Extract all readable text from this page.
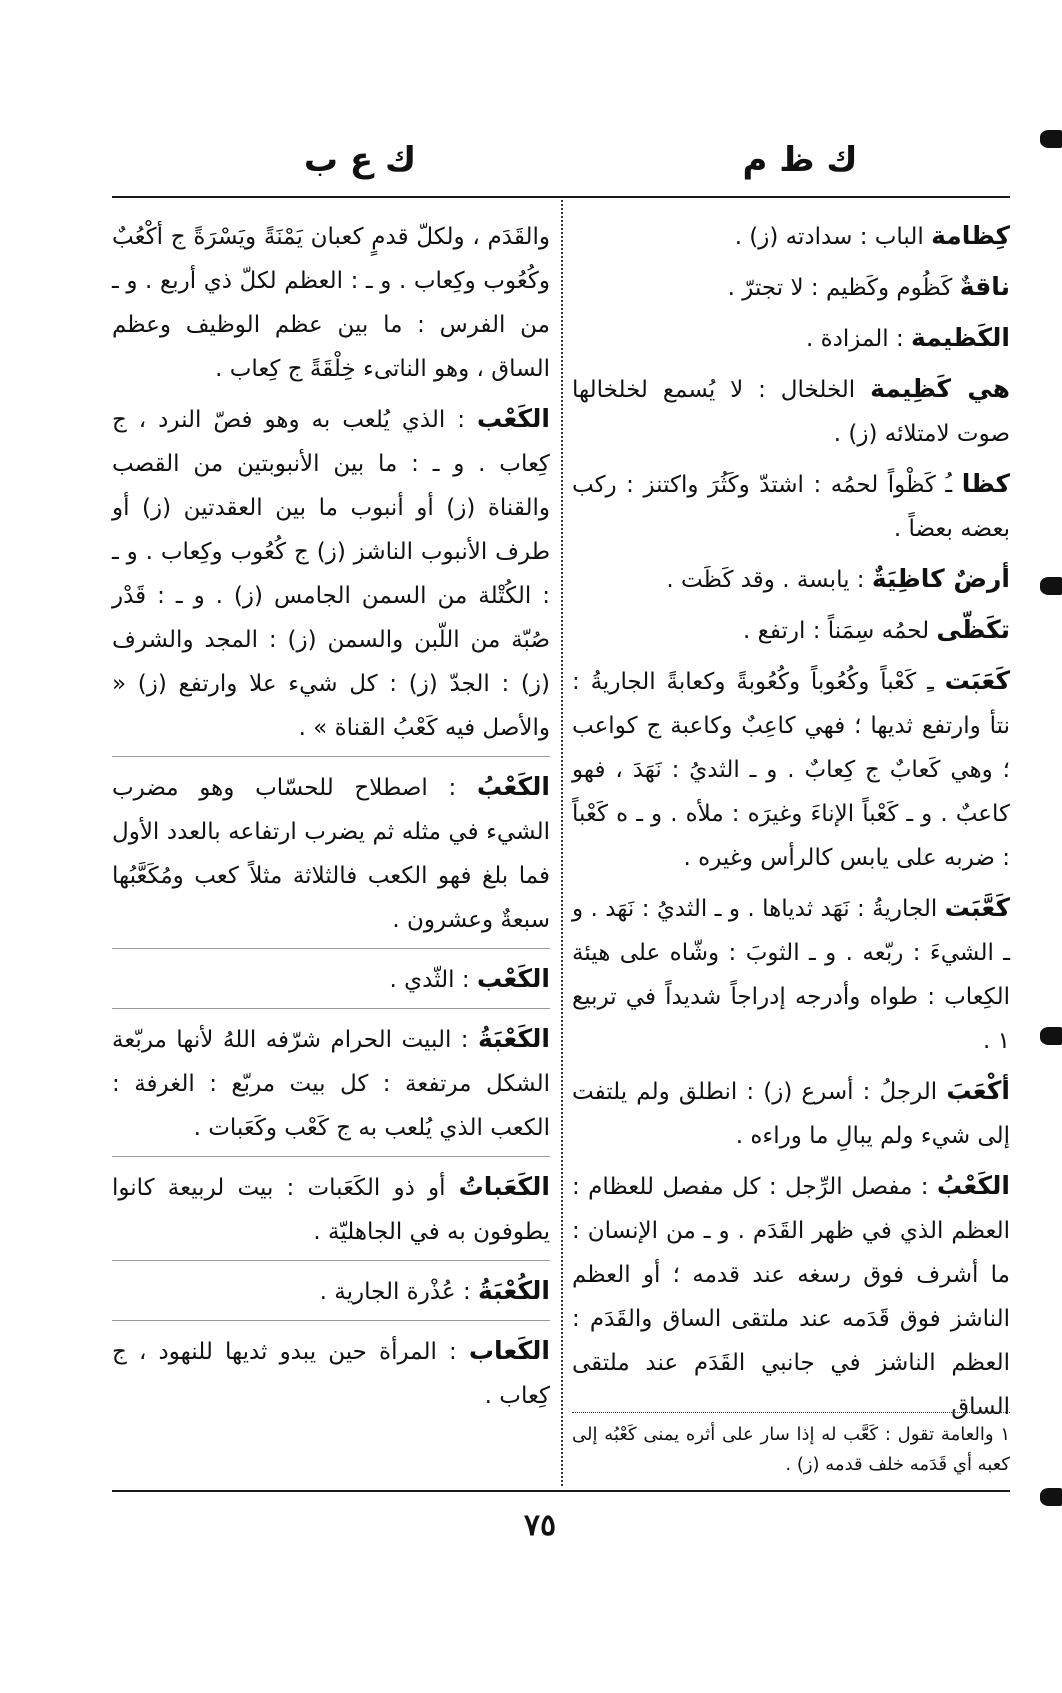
ك ظ م
ك ع ب

كِظامة الباب : سدادته (ز) .

ناقةٌ كَظُوم وكَظيم : لا تجترّ .

الكَظيمة : المزادة .

هي كَظِيمة الخلخال : لا يُسمع لخلخالها صوت لامتلائه (ز) .

كظا ـُ كَظْواً لحمُه : اشتدّ وكَثُرَ واكتنز : ركب بعضه بعضاً .

أرضٌ كاظِيَةٌ : يابسة . وقد كَظَت .

تكَظّى لحمُه سِمَناً : ارتفع .

كَعَبَت ـِ كَعْباً وكُعُوباً وكُعُوبةً وكعابةً الجاريةُ : نتأ وارتفع ثديها ؛ فهي كاعِبٌ وكاعبة ج كواعب ؛ وهي كَعابٌ ج كِعابٌ . و ـ الثديُ : نَهَدَ ، فهو كاعبٌ . و ـ كَعْباً الإناءَ وغيرَه : ملأه . و ـ ه كَعْباً : ضربه على يابس كالرأس وغيره .

كَعَّبَت الجاريةُ : نَهَد ثدياها . و ـ الثديُ : نَهَد . و ـ الشيءَ : ربّعه . و ـ الثوبَ : وشّاه على هيئة الكِعاب : طواه وأدرجه إدراجاً شديداً في تربيع ١ .

أكْعَبَ الرجلُ : أسرع (ز) : انطلق ولم يلتفت إلى شيء ولم يبالِ ما وراءه .

الكَعْبُ : مفصل الرِّجل : كل مفصل للعظام : العظم الذي في ظهر القَدَم . و ـ من الإنسان : ما أشرف فوق رسغه عند قدمه ؛ أو العظم الناشز فوق قَدَمه عند ملتقى الساق والقَدَم : العظم الناشز في جانبي القَدَم عند ملتقى الساق

والقَدَم ، ولكلّ قدمٍ كعبان يَمْنَةً ويَسْرَةً ج أكْعُبٌ وكُعُوب وكِعاب . و ـ : العظم لكلّ ذي أربع . و ـ من الفرس : ما بين عظم الوظيف وعظم الساق ، وهو الناتىء خِلْقَةً ج كِعاب .

الكَعْب : الذي يُلعب به وهو فصّ النرد ، ج كِعاب . و ـ : ما بين الأنبوبتين من القصب والقناة (ز) أو أنبوب ما بين العقدتين (ز) أو طرف الأنبوب الناشز (ز) ج كُعُوب وكِعاب . و ـ : الكُتْلة من السمن الجامس (ز) . و ـ : قَدْر صُبّة من اللّبن والسمن (ز) : المجد والشرف (ز) : الجدّ (ز) : كل شيء علا وارتفع (ز) « والأصل فيه كَعْبُ القناة » .

الكَعْبُ : اصطلاح للحسّاب وهو مضرب الشيء في مثله ثم يضرب ارتفاعه بالعدد الأول فما بلغ فهو الكعب فالثلاثة مثلاً كعب ومُكَعَّبُها سبعةٌ وعشرون .

الكَعْب : الثّدي .

الكَعْبَةُ : البيت الحرام شرّفه اللهُ لأنها مربّعة الشكل مرتفعة : كل بيت مربّع : الغرفة : الكعب الذي يُلعب به ج كَعْب وكَعَبات .

الكَعَباتُ أو ذو الكَعَبات : بيت لربيعة كانوا يطوفون به في الجاهليّة .

الكُعْبَةُ : عُذْرة الجارية .

الكَعاب : المرأة حين يبدو ثديها للنهود ، ج كِعاب .

١ والعامة تقول : كَعَّب له إذا سار على أثره يمنى كَعْبُه إلى كعبه أي قَدَمه خلف قدمه (ز) .
٧٥
